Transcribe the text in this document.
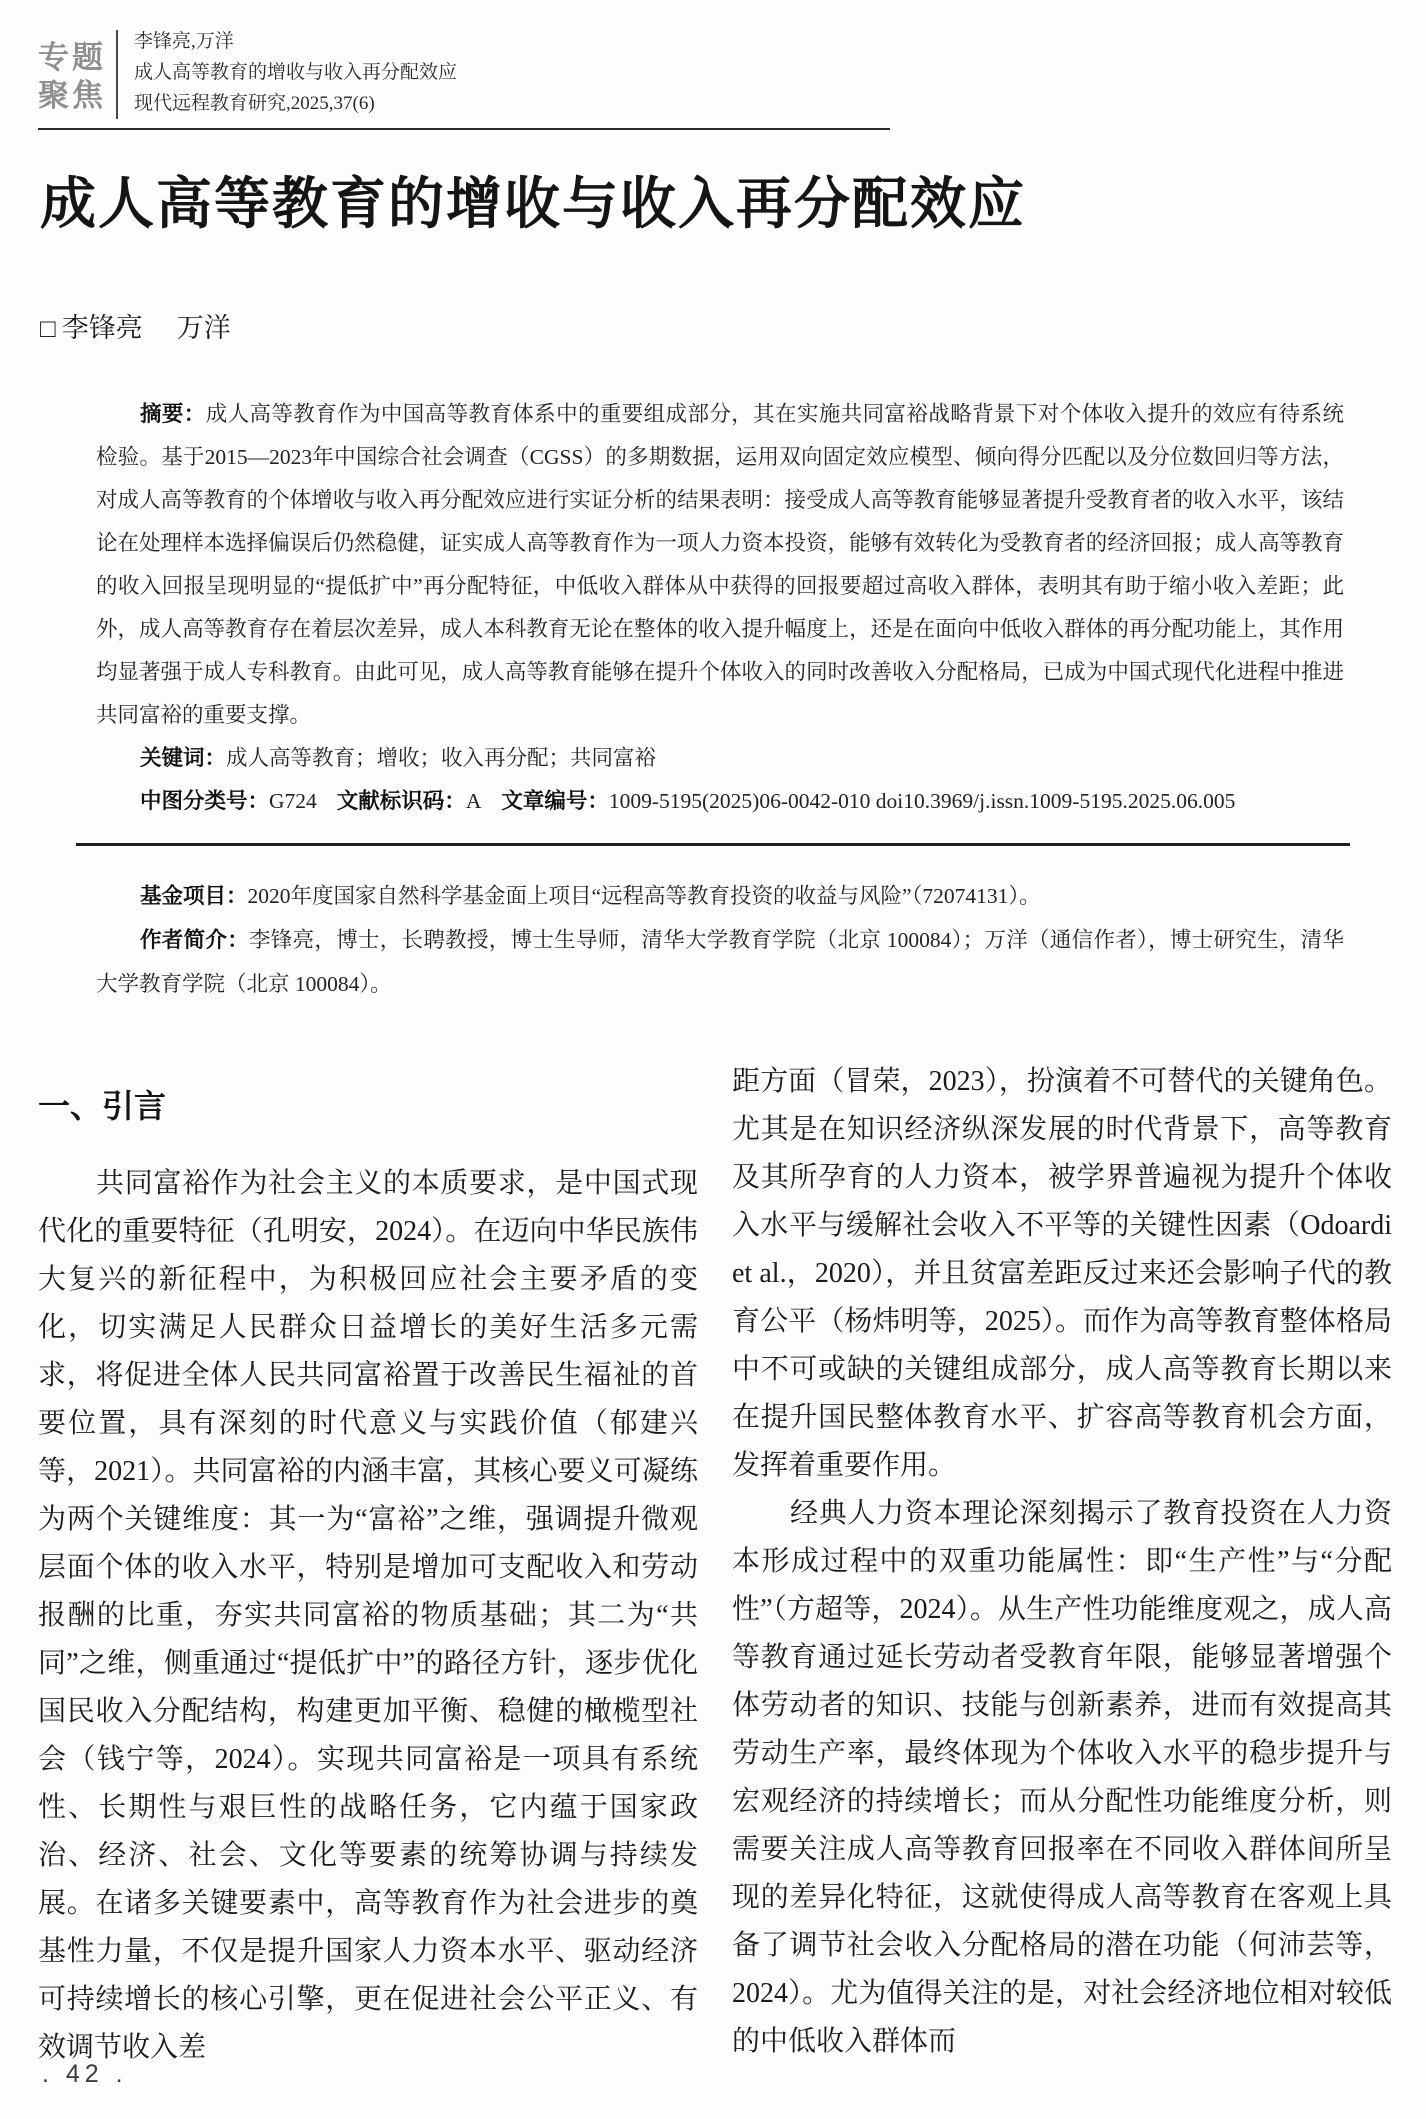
专题
聚焦
李锋亮,万洋
成人高等教育的增收与收入再分配效应
现代远程教育研究,2025,37(6)
成人高等教育的增收与收入再分配效应
□ 李锋亮 万洋

摘要：成人高等教育作为中国高等教育体系中的重要组成部分，其在实施共同富裕战略背景下对个体收入提升的效应有待系统检验。基于2015—2023年中国综合社会调查（CGSS）的多期数据，运用双向固定效应模型、倾向得分匹配以及分位数回归等方法，对成人高等教育的个体增收与收入再分配效应进行实证分析的结果表明：接受成人高等教育能够显著提升受教育者的收入水平，该结论在处理样本选择偏误后仍然稳健，证实成人高等教育作为一项人力资本投资，能够有效转化为受教育者的经济回报；成人高等教育的收入回报呈现明显的“提低扩中”再分配特征，中低收入群体从中获得的回报要超过高收入群体，表明其有助于缩小收入差距；此外，成人高等教育存在着层次差异，成人本科教育无论在整体的收入提升幅度上，还是在面向中低收入群体的再分配功能上，其作用均显著强于成人专科教育。由此可见，成人高等教育能够在提升个体收入的同时改善收入分配格局，已成为中国式现代化进程中推进共同富裕的重要支撑。

关键词：成人高等教育；增收；收入再分配；共同富裕

中图分类号：G724 文献标识码：A 文章编号：1009-5195(2025)06-0042-010 doi10.3969/j.issn.1009-5195.2025.06.005

基金项目：2020年度国家自然科学基金面上项目“远程高等教育投资的收益与风险”（72074131）。

作者简介：李锋亮，博士，长聘教授，博士生导师，清华大学教育学院（北京 100084）；万洋（通信作者），博士研究生，清华大学教育学院（北京 100084）。

一、引言

共同富裕作为社会主义的本质要求，是中国式现代化的重要特征（孔明安，2024）。在迈向中华民族伟大复兴的新征程中，为积极回应社会主要矛盾的变化，切实满足人民群众日益增长的美好生活多元需求，将促进全体人民共同富裕置于改善民生福祉的首要位置，具有深刻的时代意义与实践价值（郁建兴等，2021）。共同富裕的内涵丰富，其核心要义可凝练为两个关键维度：其一为“富裕”之维，强调提升微观层面个体的收入水平，特别是增加可支配收入和劳动报酬的比重，夯实共同富裕的物质基础；其二为“共同”之维，侧重通过“提低扩中”的路径方针，逐步优化国民收入分配结构，构建更加平衡、稳健的橄榄型社会（钱宁等，2024）。实现共同富裕是一项具有系统性、长期性与艰巨性的战略任务，它内蕴于国家政治、经济、社会、文化等要素的统筹协调与持续发展。在诸多关键要素中，高等教育作为社会进步的奠基性力量，不仅是提升国家人力资本水平、驱动经济可持续增长的核心引擎，更在促进社会公平正义、有效调节收入差

距方面（冒荣，2023），扮演着不可替代的关键角色。尤其是在知识经济纵深发展的时代背景下，高等教育及其所孕育的人力资本，被学界普遍视为提升个体收入水平与缓解社会收入不平等的关键性因素（Odoardi et al.，2020），并且贫富差距反过来还会影响子代的教育公平（杨炜明等，2025）。而作为高等教育整体格局中不可或缺的关键组成部分，成人高等教育长期以来在提升国民整体教育水平、扩容高等教育机会方面，发挥着重要作用。

经典人力资本理论深刻揭示了教育投资在人力资本形成过程中的双重功能属性：即“生产性”与“分配性”（方超等，2024）。从生产性功能维度观之，成人高等教育通过延长劳动者受教育年限，能够显著增强个体劳动者的知识、技能与创新素养，进而有效提高其劳动生产率，最终体现为个体收入水平的稳步提升与宏观经济的持续增长；而从分配性功能维度分析，则需要关注成人高等教育回报率在不同收入群体间所呈现的差异化特征，这就使得成人高等教育在客观上具备了调节社会收入分配格局的潜在功能（何沛芸等，2024）。尤为值得关注的是，对社会经济地位相对较低的中低收入群体而

. 42 .
